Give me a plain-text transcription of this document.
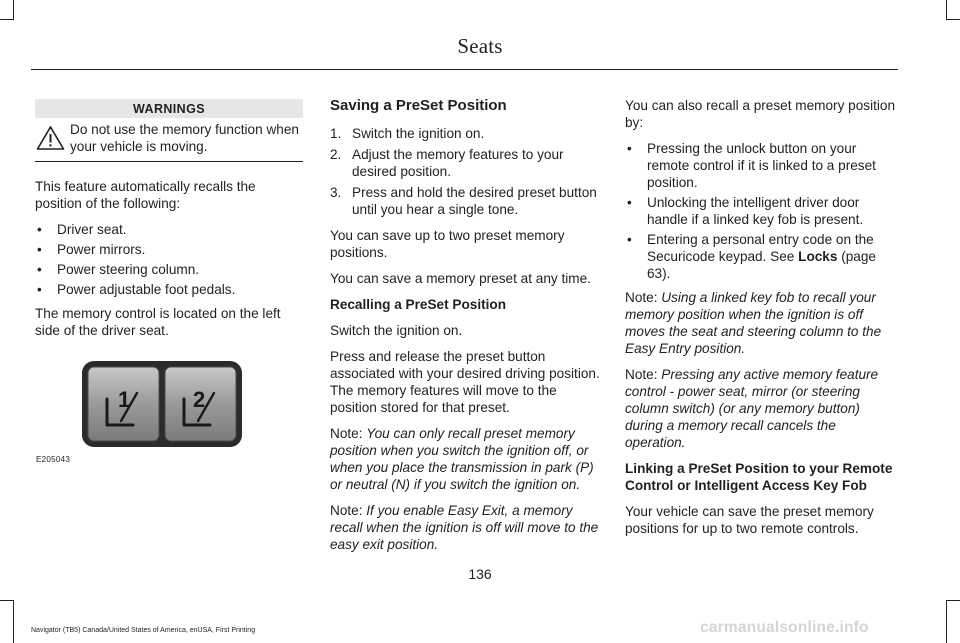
Seats
WARNINGS
Do not use the memory function when your vehicle is moving.

This feature automatically recalls the position of the following:

• Driver seat.
• Power mirrors.
• Power steering column.
• Power adjustable foot pedals.

The memory control is located on the left side of the driver seat.

1	2
E205043
Saving a PreSet Position
1. Switch the ignition on.
2. Adjust the memory features to your desired position.
3. Press and hold the desired preset button until you hear a single tone.

You can save up to two preset memory positions.

You can save a memory preset at any time.

Recalling a PreSet Position

Switch the ignition on.

Press and release the preset button associated with your desired driving position. The memory features will move to the position stored for that preset.

Note: You can only recall preset memory position when you switch the ignition off, or when you place the transmission in park (P) or neutral (N) if you switch the ignition on.

Note: If you enable Easy Exit, a memory recall when the ignition is off will move to the easy exit position.

You can also recall a preset memory position by:

• Pressing the unlock button on your remote control if it is linked to a preset position.
• Unlocking the intelligent driver door handle if a linked key fob is present.
• Entering a personal entry code on the Securicode keypad. See Locks (page 63).

Note: Using a linked key fob to recall your memory position when the ignition is off moves the seat and steering column to the Easy Entry position.

Note: Pressing any active memory feature control - power seat, mirror (or steering column switch) (or any memory button) during a memory recall cancels the operation.

Linking a PreSet Position to your Remote Control or Intelligent Access Key Fob

Your vehicle can save the preset memory positions for up to two remote controls.

136
Navigator (TB5) Canada/United States of America, enUSA, First Printing	carmanualsonline.info
